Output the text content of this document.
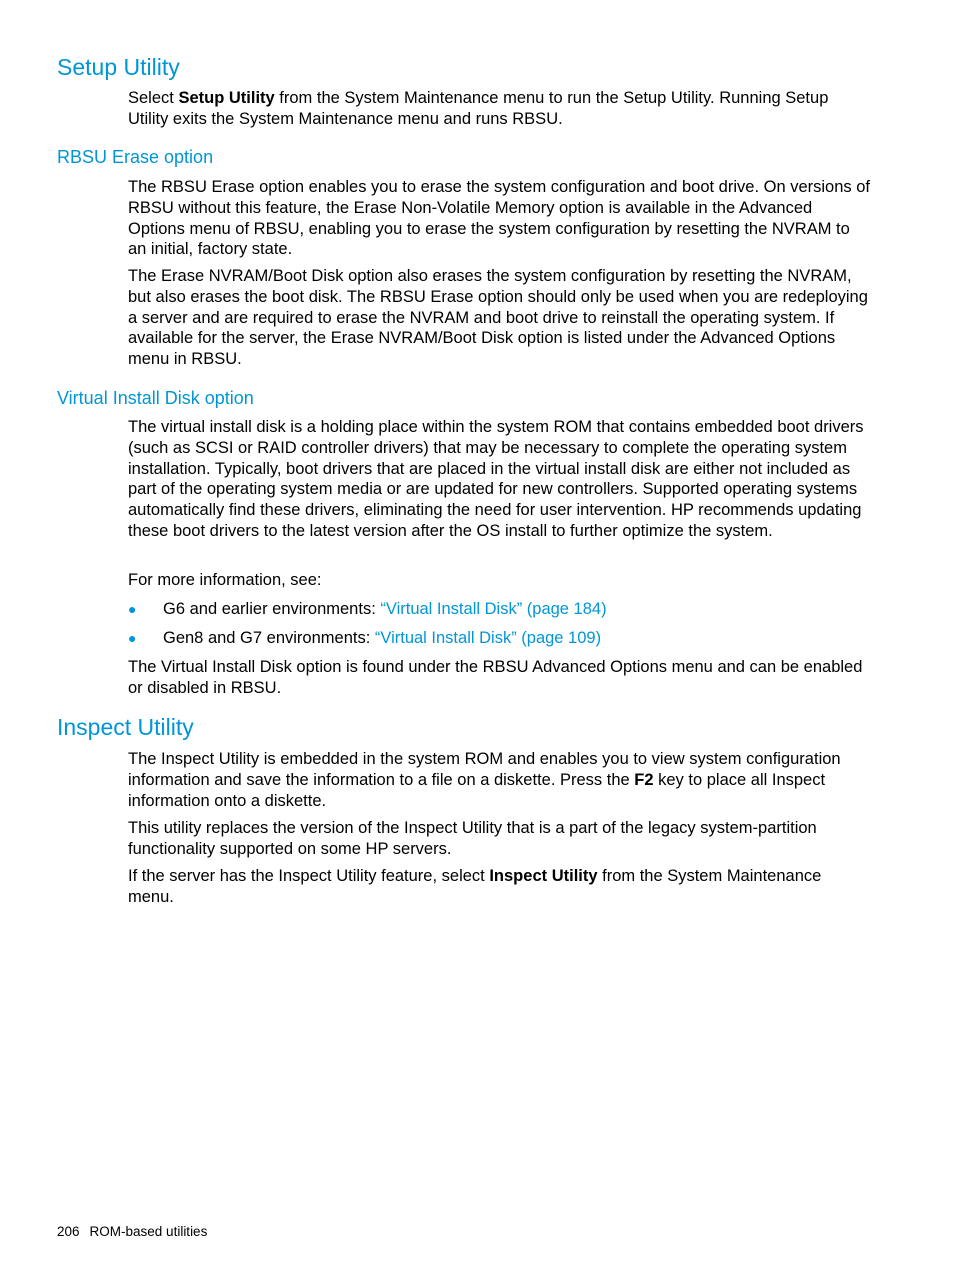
Setup Utility

Select Setup Utility from the System Maintenance menu to run the Setup Utility. Running Setup Utility exits the System Maintenance menu and runs RBSU.

RBSU Erase option

The RBSU Erase option enables you to erase the system configuration and boot drive. On versions of RBSU without this feature, the Erase Non-Volatile Memory option is available in the Advanced Options menu of RBSU, enabling you to erase the system configuration by resetting the NVRAM to an initial, factory state.

The Erase NVRAM/Boot Disk option also erases the system configuration by resetting the NVRAM, but also erases the boot disk. The RBSU Erase option should only be used when you are redeploying a server and are required to erase the NVRAM and boot drive to reinstall the operating system. If available for the server, the Erase NVRAM/Boot Disk option is listed under the Advanced Options menu in RBSU.

Virtual Install Disk option

The virtual install disk is a holding place within the system ROM that contains embedded boot drivers (such as SCSI or RAID controller drivers) that may be necessary to complete the operating system installation. Typically, boot drivers that are placed in the virtual install disk are either not included as part of the operating system media or are updated for new controllers. Supported operating systems automatically find these drivers, eliminating the need for user intervention. HP recommends updating these boot drivers to the latest version after the OS install to further optimize the system.

For more information, see:

● G6 and earlier environments: “Virtual Install Disk” (page 184)
● Gen8 and G7 environments: “Virtual Install Disk” (page 109)

The Virtual Install Disk option is found under the RBSU Advanced Options menu and can be enabled or disabled in RBSU.

Inspect Utility

The Inspect Utility is embedded in the system ROM and enables you to view system configuration information and save the information to a file on a diskette. Press the F2 key to place all Inspect information onto a diskette.

This utility replaces the version of the Inspect Utility that is a part of the legacy system-partition functionality supported on some HP servers.

If the server has the Inspect Utility feature, select Inspect Utility from the System Maintenance menu.

206 ROM-based utilities
